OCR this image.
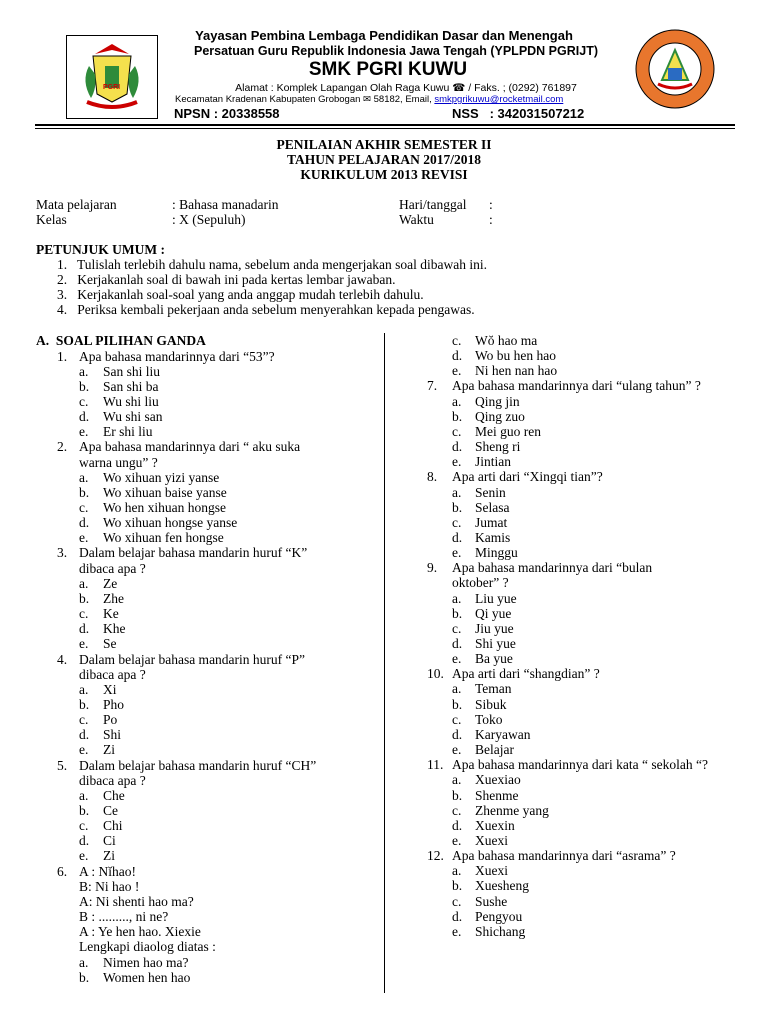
PGRI
Yayasan Pembina Lembaga Pendidikan Dasar dan Menengah
Persatuan Guru Republik Indonesia Jawa Tengah (YPLPDN PGRIJT)
SMK PGRI KUWU
Alamat : Komplek Lapangan Olah Raga Kuwu ☎ / Faks. ; (0292) 761897
Kecamatan Kradenan Kabupaten Grobogan ✉ 58182, Email, smkpgrikuwu@rocketmail.com
NPSN : 20338558	NSS   : 342031507212
PENILAIAN AKHIR SEMESTER II
TAHUN PELAJARAN 2017/2018
KURIKULUM 2013 REVISI
Mata pelajaran	: Bahasa manadarin
Kelas	: X (Sepuluh)
Hari/tanggal :
Waktu	:
PETUNJUK UMUM :
1.   Tulislah terlebih dahulu nama, sebelum anda mengerjakan soal dibawah ini.
2.   Kerjakanlah soal di bawah ini pada kertas lembar jawaban.
3.   Kerjakanlah soal-soal yang anda anggap mudah terlebih dahulu.
4.   Periksa kembali pekerjaan anda sebelum menyerahkan kepada pengawas.
A.  SOAL PILIHAN GANDA
1. Apa bahasa mandarinnya dari “53”?
a. San shi liu
b. San shi ba
c. Wu shi liu
d. Wu shi san
e. Er shi liu
2. Apa bahasa mandarinnya dari “ aku suka
warna ungu” ?
a. Wo xihuan yizi yanse
b. Wo xihuan baise yanse
c. Wo hen xihuan hongse
d. Wo xihuan hongse yanse
e. Wo xihuan fen hongse
3. Dalam belajar bahasa mandarin huruf “K”
dibaca apa ?
a. Ze
b. Zhe
c. Ke
d. Khe
e. Se
4. Dalam belajar bahasa mandarin huruf “P”
dibaca apa ?
a. Xi
b. Pho
c. Po
d. Shi
e. Zi
5. Dalam belajar bahasa mandarin huruf “CH”
dibaca apa ?
a. Che
b. Ce
c. Chi
d. Ci
e. Zi
6. A : Nĭhao!
B: Ni hao !
A: Ni shenti hao ma?
B : ........., ni ne?
A : Ye hen hao. Xiexie
Lengkapi diaolog diatas :
a. Nimen hao ma?
b. Women hen hao
c. Wŏ hao ma
d. Wo bu hen hao
e. Ni hen nan hao
7. Apa bahasa mandarinnya dari “ulang tahun” ?
a. Qing jin
b. Qing zuo
c. Mei guo ren
d. Sheng ri
e. Jintian
8. Apa arti dari “Xingqi tian”?
a. Senin
b. Selasa
c. Jumat
d. Kamis
e. Minggu
9. Apa bahasa mandarinnya dari “bulan
oktober” ?
a. Liu yue
b. Qi yue
c. Jiu yue
d. Shi yue
e. Ba yue
10. Apa arti dari “shangdian” ?
a. Teman
b. Sibuk
c. Toko
d. Karyawan
e. Belajar
11. Apa bahasa mandarinnya dari kata “ sekolah “?
a. Xuexiao
b. Shenme
c. Zhenme yang
d. Xuexin
e. Xuexi
12. Apa bahasa mandarinnya dari “asrama” ?
a. Xuexi
b. Xuesheng
c. Sushe
d. Pengyou
e. Shichang
